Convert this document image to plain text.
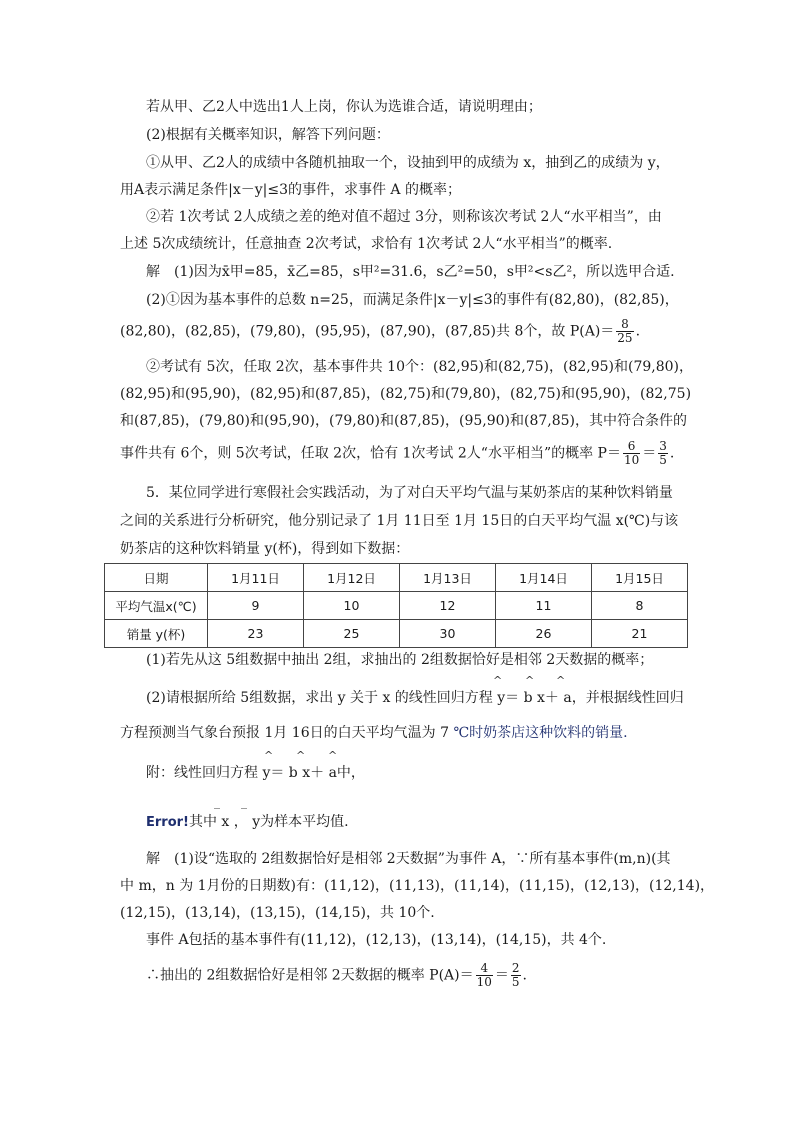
若从甲、乙2人中选出1人上岗，你认为选谁合适，请说明理由；
(2)根据有关概率知识，解答下列问题：
①从甲、乙2人的成绩中各随机抽取一个，设抽到甲的成绩为 x，抽到乙的成绩为 y，
用A表示满足条件|x－y|≤3的事件，求事件 A 的概率；
②若 1次考试 2人成绩之差的绝对值不超过 3分，则称该次考试 2人“水平相当”，由
上述 5次成绩统计，任意抽查 2次考试，求恰有 1次考试 2人“水平相当”的概率.
解　(1)因为x̄甲=85，x̄乙=85，s甲²=31.6，s乙²=50，s甲²<s乙²，所以选甲合适.
(2)①因为基本事件的总数 n=25，而满足条件|x－y|≤3的事件有(82,80)，(82,85)，
(82,80)，(82,85)，(79,80)，(95,95)，(87,90)，(87,85)共 8个，故 $P(A)= \frac{8}{25}$ .
②考试有 5次，任取 2次，基本事件共 10个：(82,95)和(82,75)，(82,95)和(79,80)，
(82,95)和(95,90)，(82,95)和(87,85)，(82,75)和(79,80)，(82,75)和(95,90)，(82,75)
和(87,85)，(79,80)和(95,90)，(79,80)和(87,85)，(95,90)和(87,85)，其中符合条件的
事件共有 6个，则 5次考试，任取 2次，恰有 1次考试 2人“水平相当”的概率 $P= \frac{6}{10} = \frac{3}{5}$ .
5．某位同学进行寒假社会实践活动，为了对白天平均气温与某奶茶店的某种饮料销量
之间的关系进行分析研究，他分别记录了 1月 11日至 1月 15日的白天平均气温 x(℃)与该
奶茶店的这种饮料销量 y(杯)，得到如下数据：
日期	1月11日	1月12日	1月13日	1月14日	1月15日
平均气温x(℃)	9	10	12	11	8
销量 y(杯)	23	25	30	26	21
(1)若先从这 5组数据中抽出 2组，求抽出的 2组数据恰好是相邻 2天数据的概率；
^ ^ ^
(2)请根据所给 5组数据，求出 y 关于 x 的线性回归方程 y＝ b x＋ a，并根据线性回归
方程预测当气象台预报 1月 16日的白天平均气温为 7 ℃时奶茶店这种饮料的销量.
^ ^ ^
附：线性回归方程 y＝ b x＋ a中，
_ _
Error!其中 x ， y为样本平均值.
解　(1)设“选取的 2组数据恰好是相邻 2天数据”为事件 A，∵所有基本事件(m,n)(其
中 m，n 为 1月份的日期数)有：(11,12)，(11,13)，(11,14)，(11,15)，(12,13)，(12,14)，
(12,15)，(13,14)，(13,15)，(14,15)，共 10个.
事件 A包括的基本事件有(11,12)，(12,13)，(13,14)，(14,15)，共 4个.
∴抽出的 2组数据恰好是相邻 2天数据的概率 $P(A)= \frac{4}{10} = \frac{2}{5}$ .
